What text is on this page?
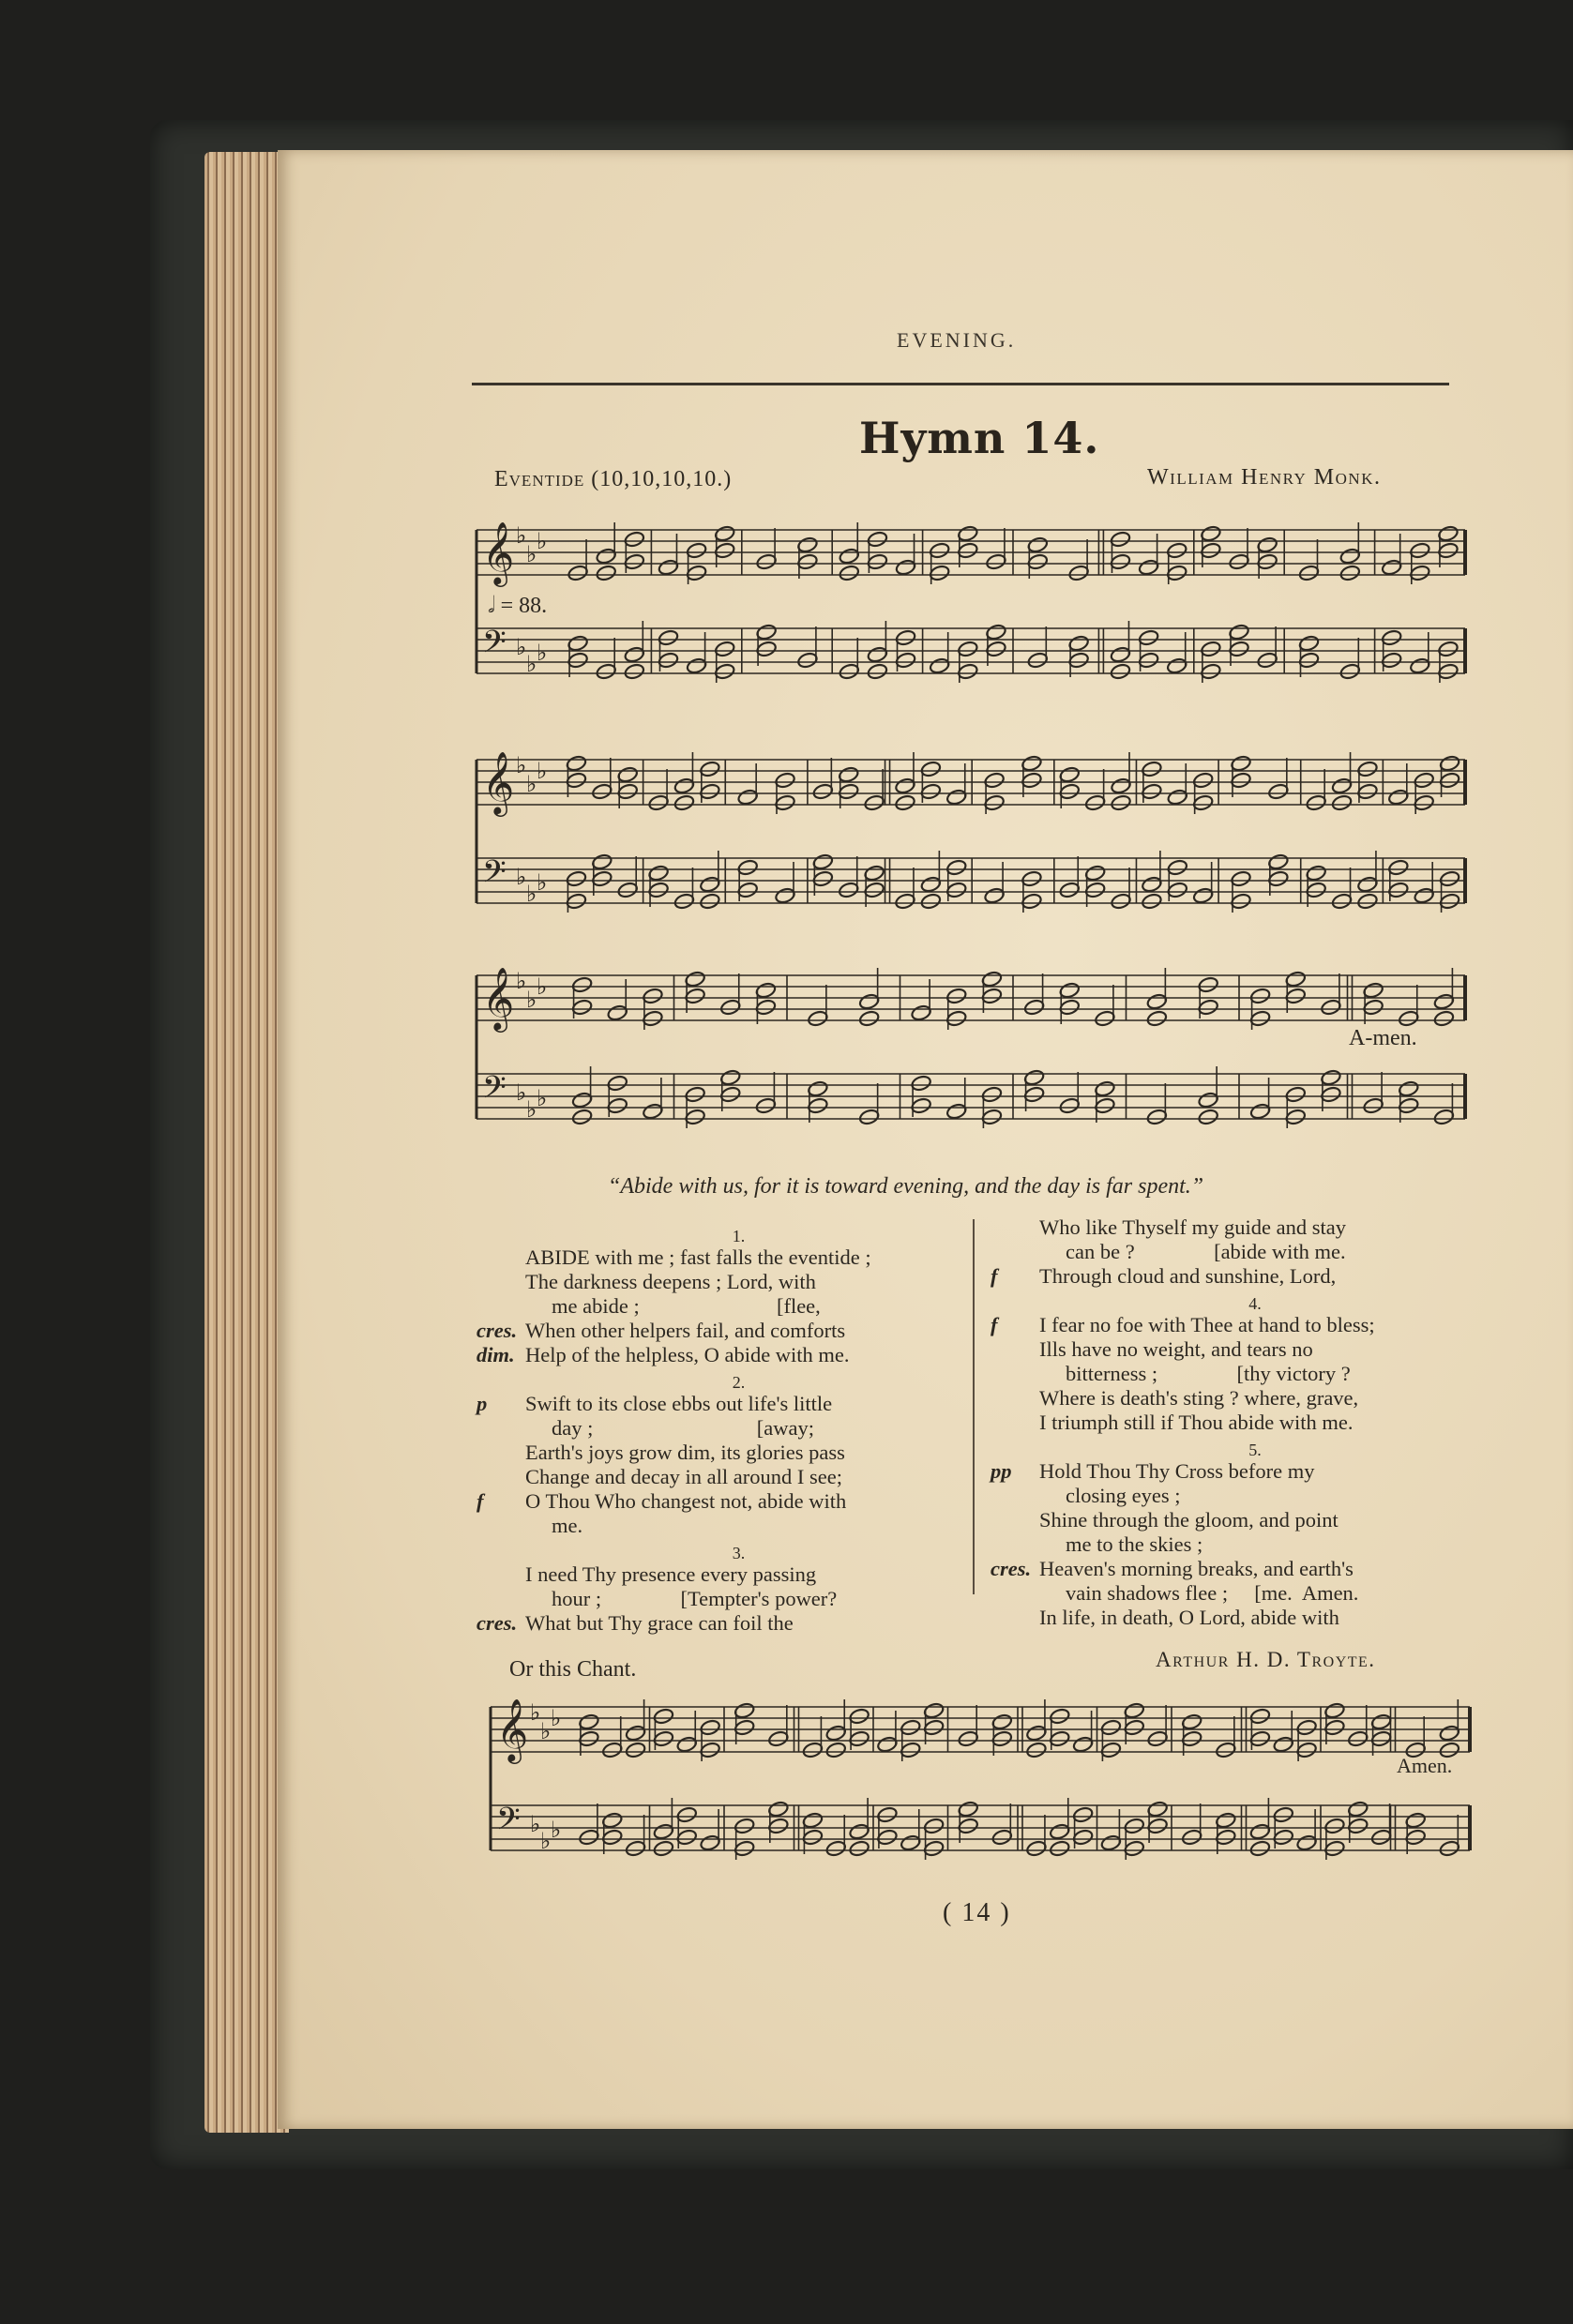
EVENING.
Hymn 14.
Eventide (10,10,10,10.)	William Henry Monk.
𝄞 ♭
♭
♭
𝄢 ♭
♭ ♭
𝅗𝅥 = 88.
𝄞 ♭
♭
♭
𝄢 ♭
♭ ♭
𝄞 ♭
♭
♭
𝄢 ♭
♭ ♭
A-men.
“Abide with us, for it is toward evening, and the day is far spent.”
1.
ABIDE with me ; fast falls the eventide ;
The darkness deepens ; Lord, with
me abide ;                          [flee,
cres. When other helpers fail, and comforts
dim. Help of the helpless, O abide with me.
2.
p Swift to its close ebbs out life's little
day ;                               [away;
Earth's joys grow dim, its glories pass
Change and decay in all around I see;
f O Thou Who changest not, abide with
me.
3.
I need Thy presence every passing
hour ;               [Tempter's power?
cres. What but Thy grace can foil the
Who like Thyself my guide and stay
can be ?               [abide with me.
f Through cloud and sunshine, Lord,
4.
f I fear no foe with Thee at hand to bless;
Ills have no weight, and tears no
bitterness ;               [thy victory ?
Where is death's sting ? where, grave,
I triumph still if Thou abide with me.
5.
pp Hold Thou Thy Cross before my
closing eyes ;
Shine through the gloom, and point
me to the skies ;
cres. Heaven's morning breaks, and earth's
vain shadows flee ;     [me.  Amen.
In life, in death, O Lord, abide with
Or this Chant.	Arthur H. D. Troyte.
𝄞 ♭
♭
♭
𝄢 ♭
♭ ♭
Amen.
( 14 )
